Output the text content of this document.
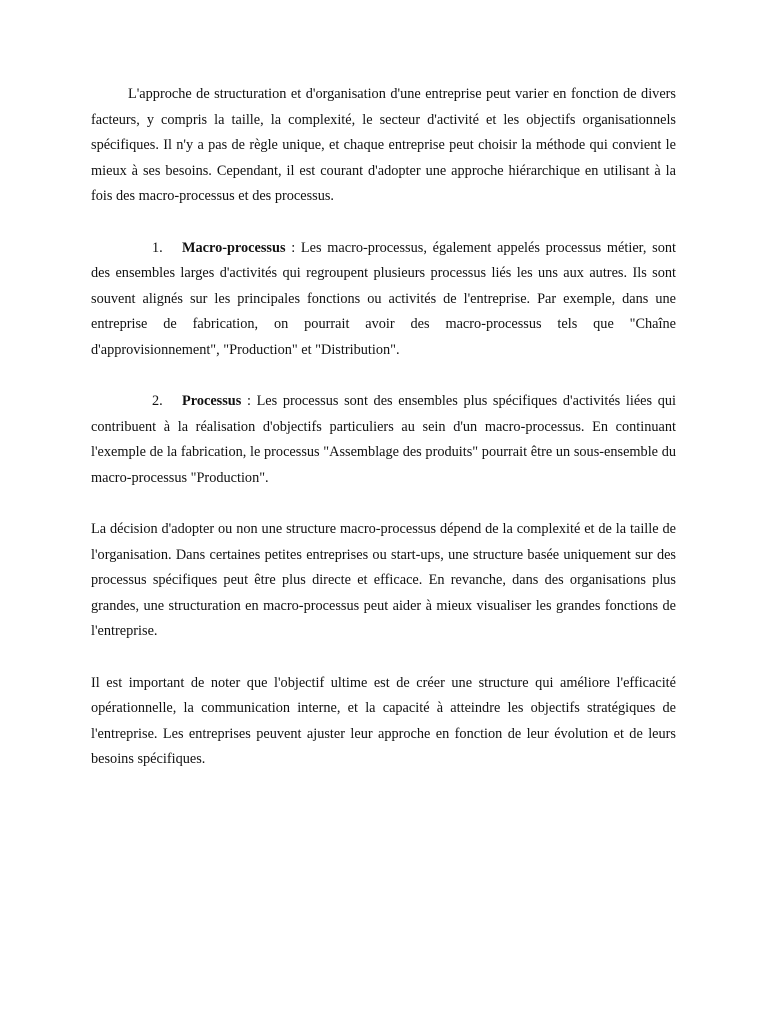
L'approche de structuration et d'organisation d'une entreprise peut varier en fonction de divers facteurs, y compris la taille, la complexité, le secteur d'activité et les objectifs organisationnels spécifiques. Il n'y a pas de règle unique, et chaque entreprise peut choisir la méthode qui convient le mieux à ses besoins. Cependant, il est courant d'adopter une approche hiérarchique en utilisant à la fois des macro-processus et des processus.

1. Macro-processus : Les macro-processus, également appelés processus métier, sont des ensembles larges d'activités qui regroupent plusieurs processus liés les uns aux autres. Ils sont souvent alignés sur les principales fonctions ou activités de l'entreprise. Par exemple, dans une entreprise de fabrication, on pourrait avoir des macro-processus tels que "Chaîne d'approvisionnement", "Production" et "Distribution".

2. Processus : Les processus sont des ensembles plus spécifiques d'activités liées qui contribuent à la réalisation d'objectifs particuliers au sein d'un macro-processus. En continuant l'exemple de la fabrication, le processus "Assemblage des produits" pourrait être un sous-ensemble du macro-processus "Production".

La décision d'adopter ou non une structure macro-processus dépend de la complexité et de la taille de l'organisation. Dans certaines petites entreprises ou start-ups, une structure basée uniquement sur des processus spécifiques peut être plus directe et efficace. En revanche, dans des organisations plus grandes, une structuration en macro-processus peut aider à mieux visualiser les grandes fonctions de l'entreprise.

Il est important de noter que l'objectif ultime est de créer une structure qui améliore l'efficacité opérationnelle, la communication interne, et la capacité à atteindre les objectifs stratégiques de l'entreprise. Les entreprises peuvent ajuster leur approche en fonction de leur évolution et de leurs besoins spécifiques.
